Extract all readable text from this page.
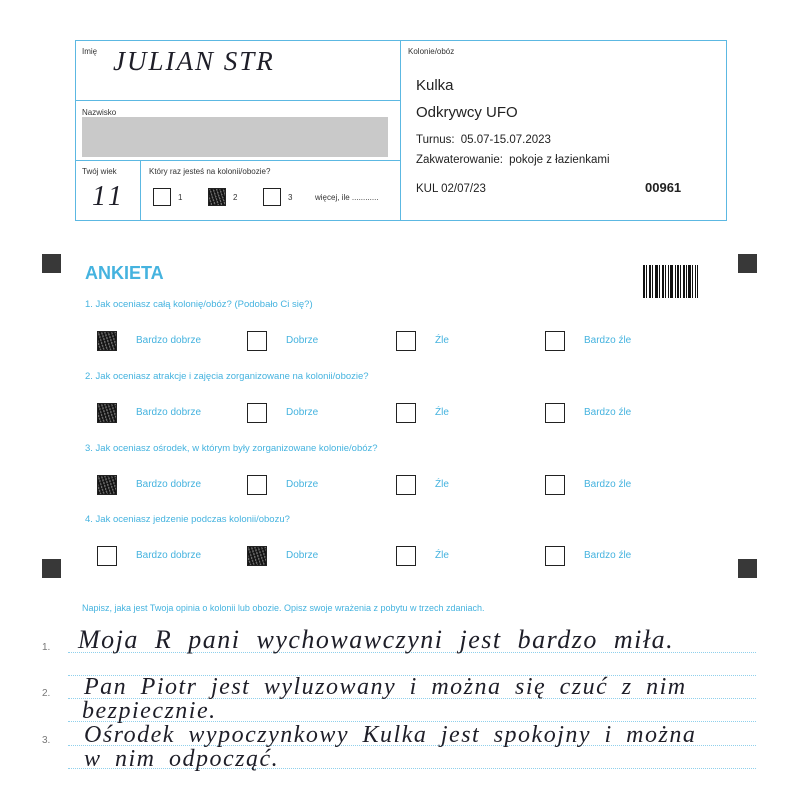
Imię JULIAN STR
Nazwisko
Twój wiek
11
Który raz jesteś na kolonii/obozie?
1	2	3	więcej, ile ............
Kolonie/obóz
Kulka
Odkrywcy UFO
Turnus: 05.07-15.07.2023
Zakwaterowanie: pokoje z łazienkami
KUL 02/07/23	00961
ANKIETA
1. Jak oceniasz całą kolonię/obóz? (Podobało Ci się?)
Bardzo dobrze	Dobrze	Źle	Bardzo źle
2. Jak oceniasz atrakcje i zajęcia zorganizowane na kolonii/obozie?
Bardzo dobrze	Dobrze	Źle	Bardzo źle
3. Jak oceniasz ośrodek, w którym były zorganizowane kolonie/obóz?
Bardzo dobrze	Dobrze	Źle	Bardzo źle
4. Jak oceniasz jedzenie podczas kolonii/obozu?
Bardzo dobrze	Dobrze	Źle	Bardzo źle
Napisz, jaka jest Twoja opinia o kolonii lub obozie. Opisz swoje wrażenia z pobytu w trzech zdaniach.
1.
2.
3.
Moja R pani wychowawczyni jest bardzo miła.
Pan Piotr jest wyluzowany i można się czuć z nim
bezpiecznie.
Ośrodek wypoczynkowy Kulka jest spokojny i można
w nim odpocząć.
